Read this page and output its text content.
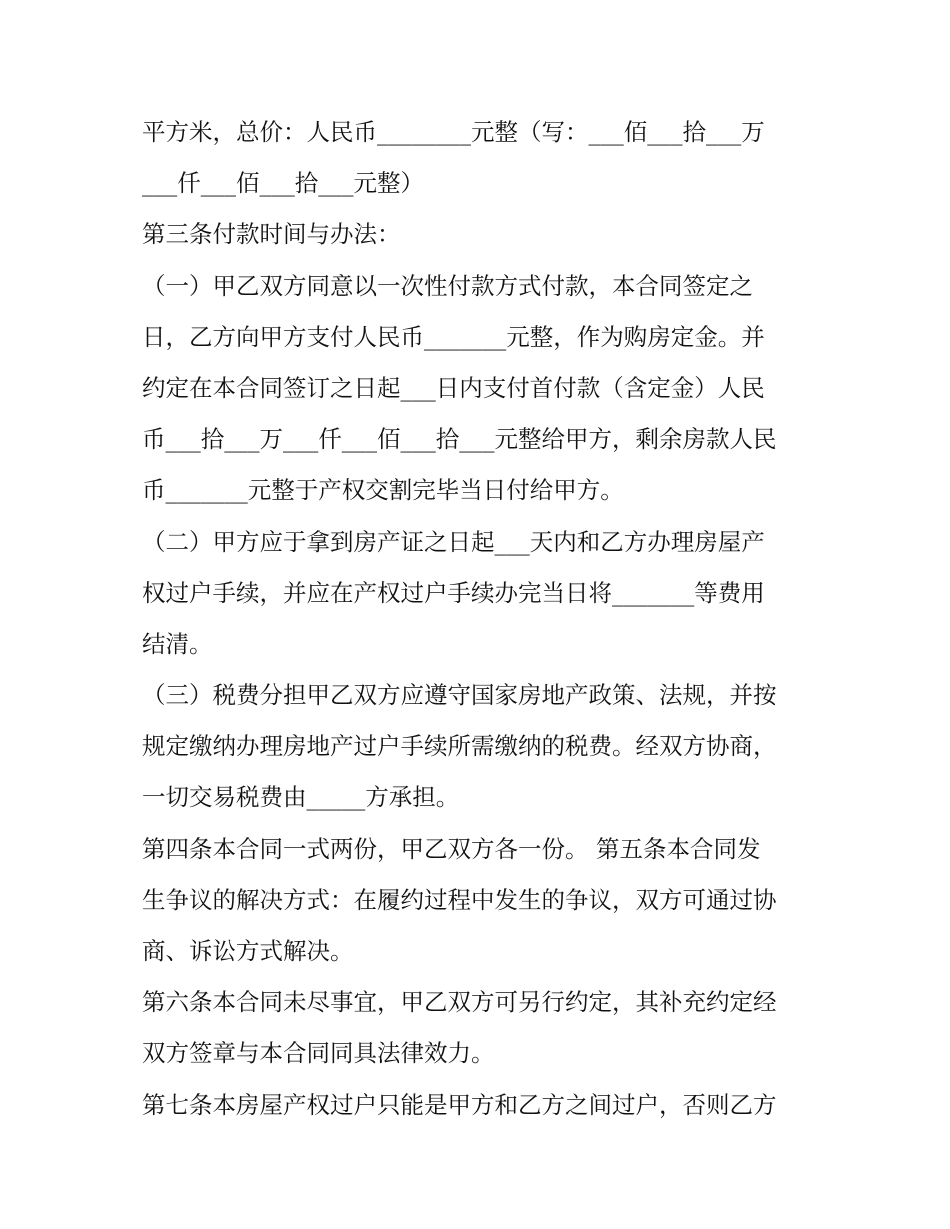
平方米，总价：人民币________元整（写：___佰___拾___万
___仟___佰___拾___元整）
第三条付款时间与办法：
（一）甲乙双方同意以一次性付款方式付款，本合同签定之
日，乙方向甲方支付人民币_______元整，作为购房定金。并
约定在本合同签订之日起___日内支付首付款（含定金）人民
币___拾___万___仟___佰___拾___元整给甲方，剩余房款人民
币_______元整于产权交割完毕当日付给甲方。
（二）甲方应于拿到房产证之日起___天内和乙方办理房屋产
权过户手续，并应在产权过户手续办完当日将_______等费用
结清。
（三）税费分担甲乙双方应遵守国家房地产政策、法规，并按
规定缴纳办理房地产过户手续所需缴纳的税费。经双方协商，
一切交易税费由_____方承担。
第四条本合同一式两份，甲乙双方各一份。 第五条本合同发
生争议的解决方式：在履约过程中发生的争议，双方可通过协
商、诉讼方式解决。
第六条本合同未尽事宜，甲乙双方可另行约定，其补充约定经
双方签章与本合同同具法律效力。
第七条本房屋产权过户只能是甲方和乙方之间过户，否则乙方
